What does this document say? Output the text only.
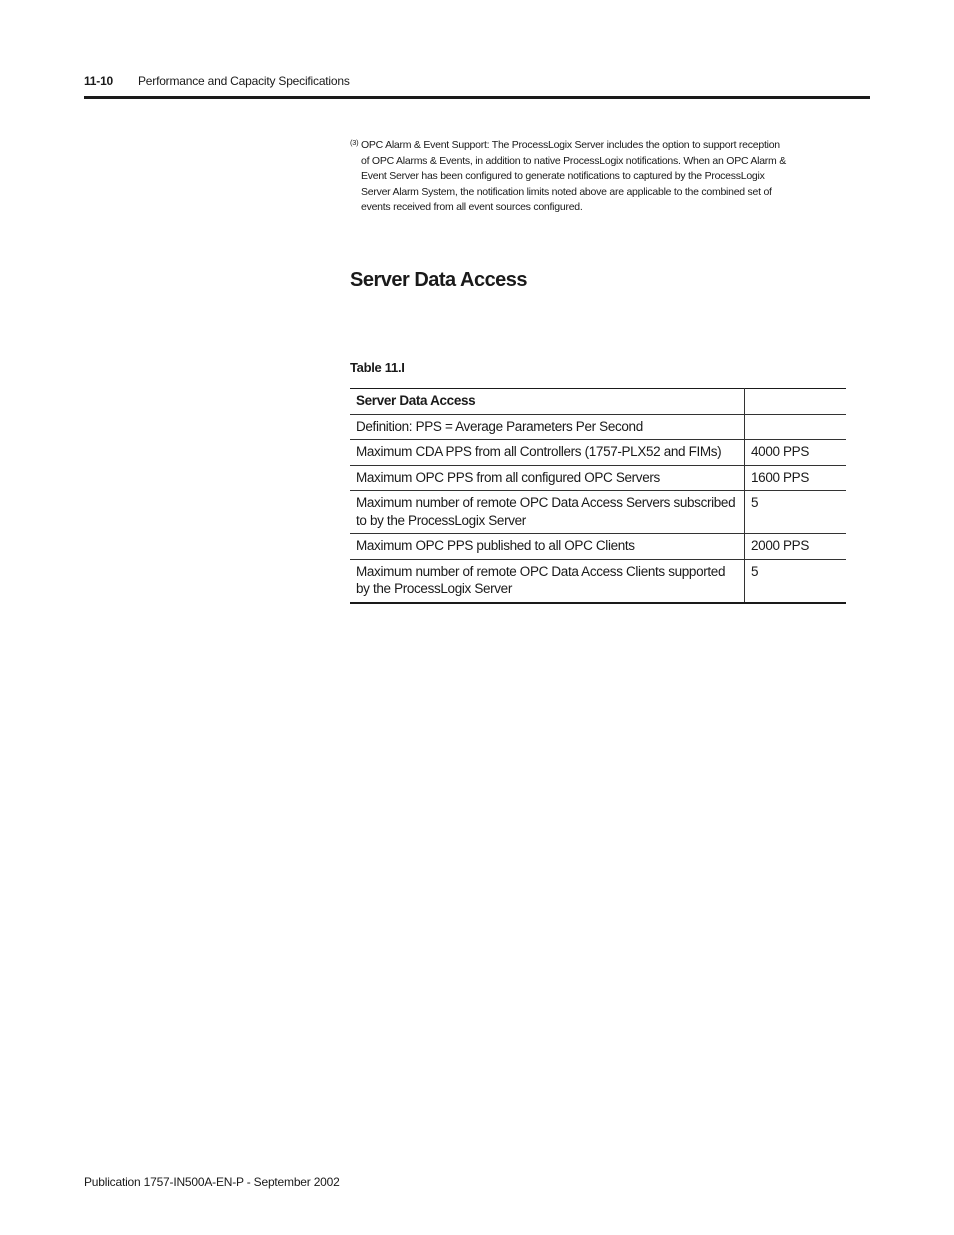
11-10 Performance and Capacity Specifications
(3) OPC Alarm & Event Support: The ProcessLogix Server includes the option to support reception of OPC Alarms & Events, in addition to native ProcessLogix notifications. When an OPC Alarm & Event Server has been configured to generate notifications to captured by the ProcessLogix Server Alarm System, the notification limits noted above are applicable to the combined set of events received from all event sources configured.
Server Data Access
Table 11.I
Server Data Access	
Definition: PPS = Average Parameters Per Second	
Maximum CDA PPS from all Controllers (1757-PLX52 and FIMs)	4000 PPS
Maximum OPC PPS from all configured OPC Servers	1600 PPS
Maximum number of remote OPC Data Access Servers subscribed to by the ProcessLogix Server	5
Maximum OPC PPS published to all OPC Clients	2000 PPS
Maximum number of remote OPC Data Access Clients supported by the ProcessLogix Server	5
Publication 1757-IN500A-EN-P - September 2002
